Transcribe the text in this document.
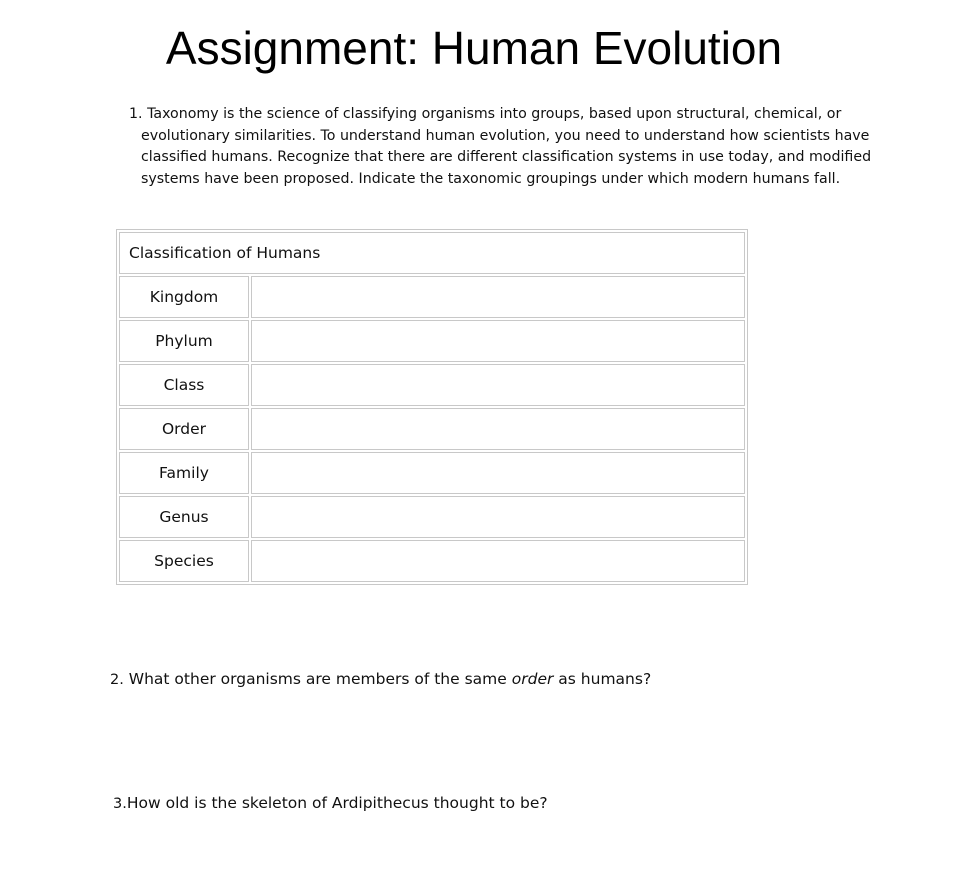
Assignment: Human Evolution
1. Taxonomy is the science of classifying organisms into groups, based upon structural, chemical, or evolutionary similarities. To understand human evolution, you need to understand how scientists have classified humans. Recognize that there are different classification systems in use today, and modified systems have been proposed. Indicate the taxonomic groupings under which modern humans fall.
Classification of Humans	
Kingdom	
Phylum	
Class	
Order	
Family	
Genus	
Species	
2. What other organisms are members of the same order as humans?
3.How old is the skeleton of Ardipithecus thought to be?
